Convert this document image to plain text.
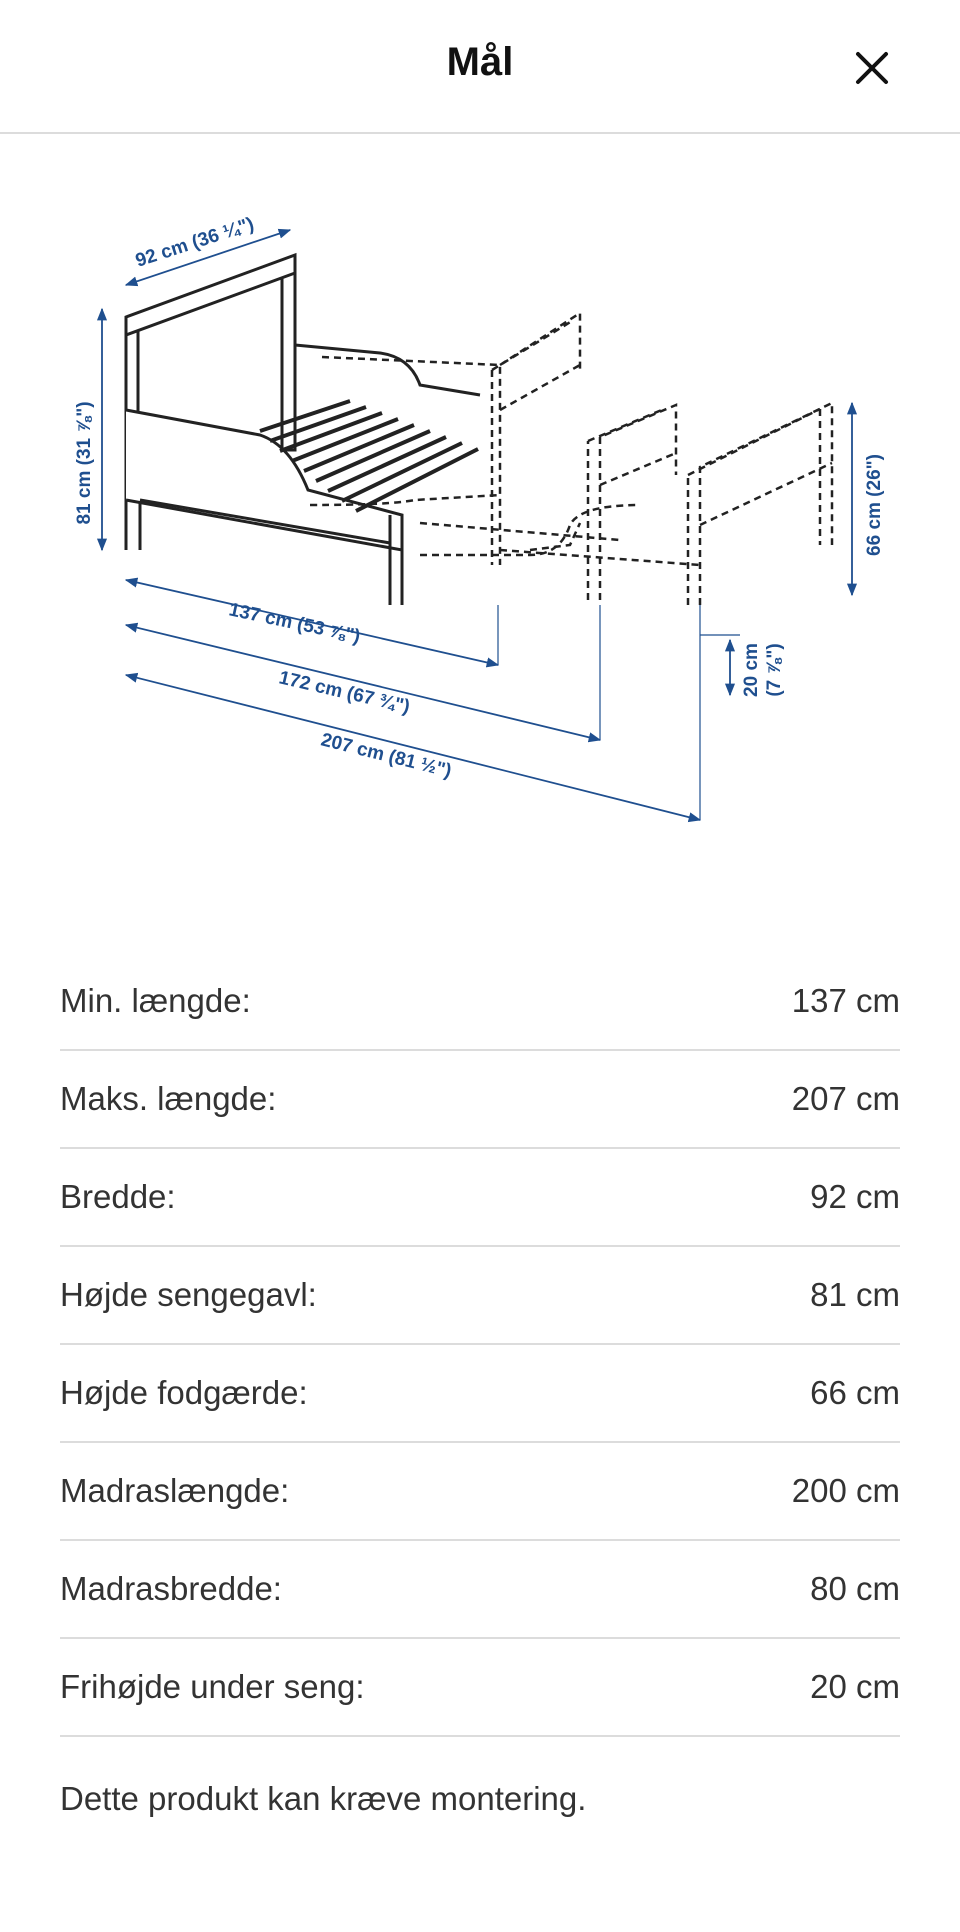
Mål
92 cm (36 ¼")
81 cm (31 ⅞")	66 cm (26")
20 cm (7 ⅞")
137 cm (53 ⅞")
172 cm (67 ¾")
207 cm (81 ½")
Min. længde:	137 cm
Maks. længde:	207 cm
Bredde:	92 cm
Højde sengegavl:	81 cm
Højde fodgærde:	66 cm
Madraslængde:	200 cm
Madrasbredde:	80 cm
Frihøjde under seng:	20 cm
Dette produkt kan kræve montering.
